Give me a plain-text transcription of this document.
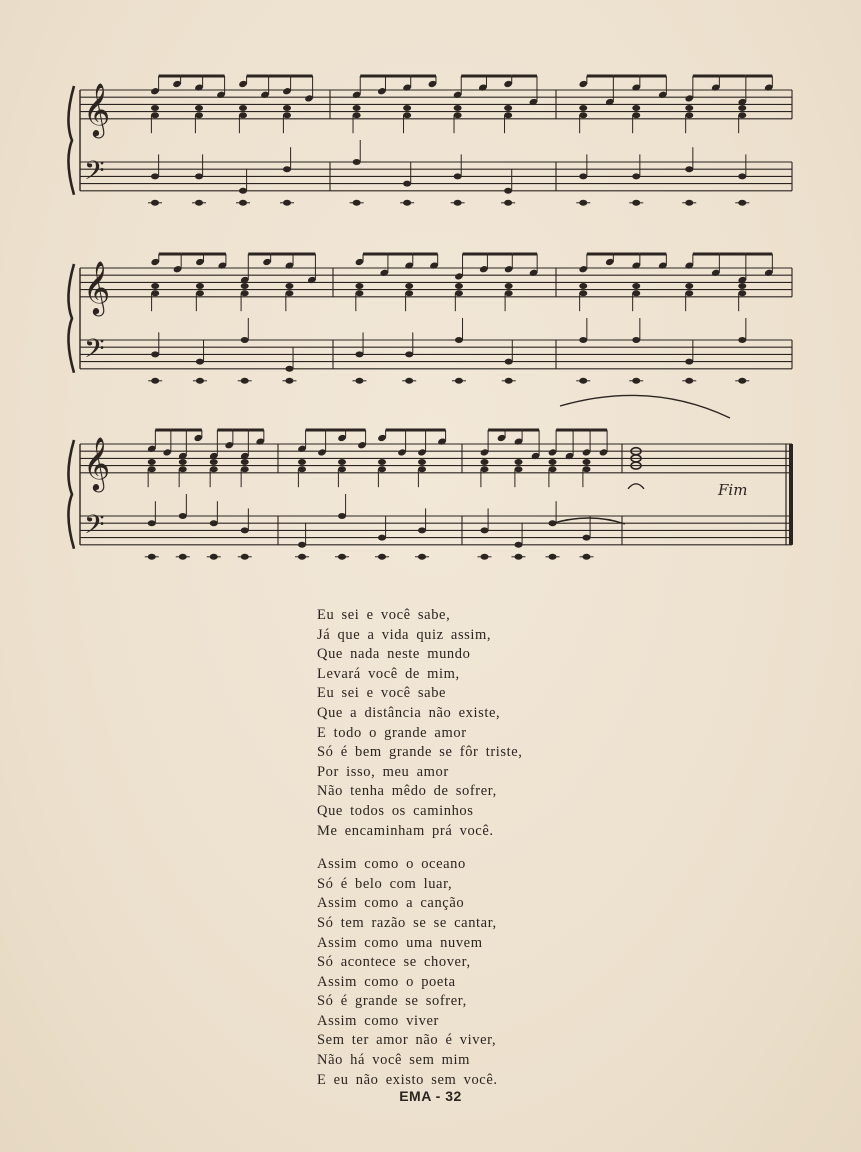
𝄞
𝄢
𝄞
𝄢
𝄞
𝄢
Fim
Eu sei e você sabe,
Já que a vida quiz assim,
Que nada neste mundo
Levará você de mim,
Eu sei e você sabe
Que a distância não existe,
E todo o grande amor
Só é bem grande se fôr triste,
Por isso, meu amor
Não tenha mêdo de sofrer,
Que todos os caminhos
Me encaminham prá você.
Assim como o oceano
Só é belo com luar,
Assim como a canção
Só tem razão se se cantar,
Assim como uma nuvem
Só acontece se chover,
Assim como o poeta
Só é grande se sofrer,
Assim como viver
Sem ter amor não é viver,
Não há você sem mim
E eu não existo sem você.
EMA - 32
